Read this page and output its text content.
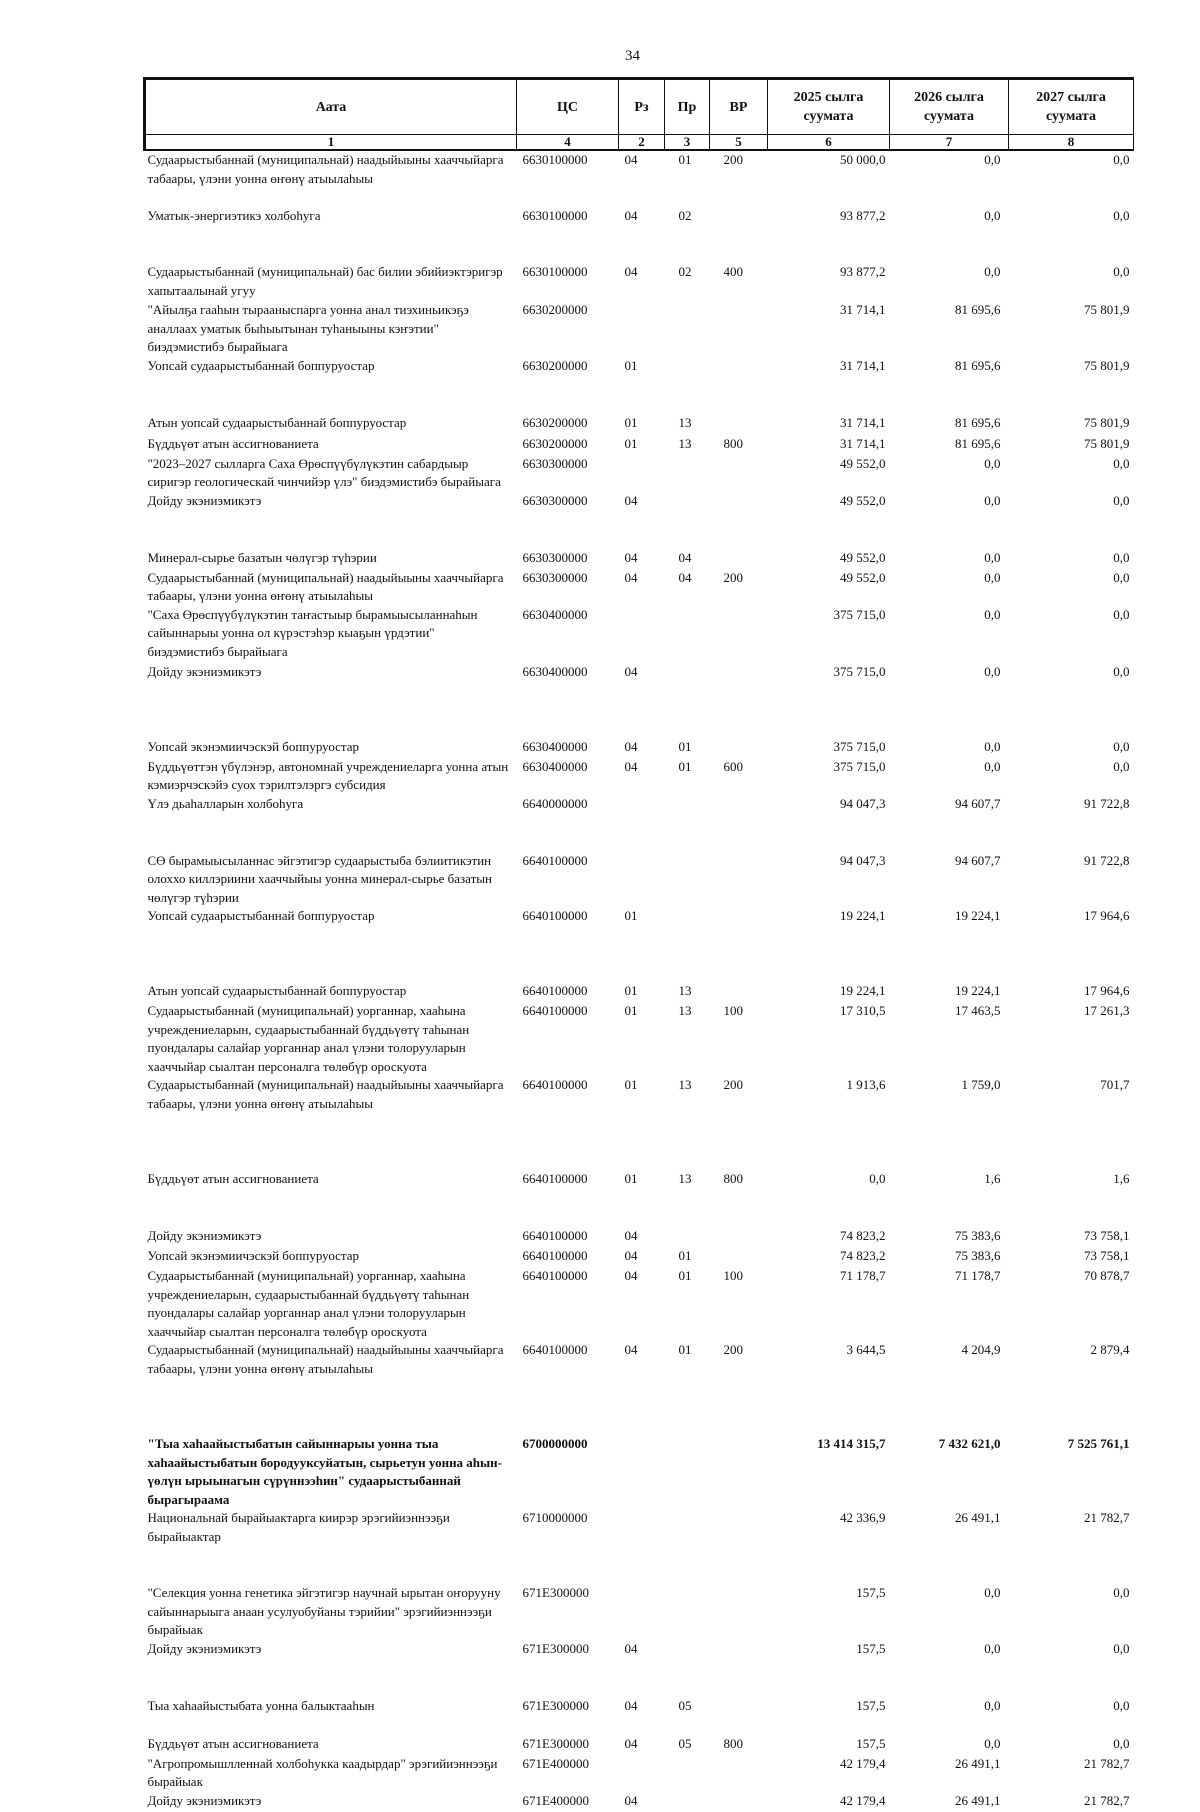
34
Аата	ЦС	Рз	Пр	ВР	2025 сылга суумата	2026 сылга суумата	2027 сылга суумата
1	4	2	3	5	6	7	8
Судаарыстыбаннай (муниципальнай) наадыйыыны хааччыйарга табаары, үлэни уонна өҥөнү атыылаһыы	6630100000	04	01	200	50 000,0	0,0	0,0
Уматык-энергиэтикэ холбоһуга	6630100000	04	02		93 877,2	0,0	0,0
Судаарыстыбаннай (муниципальнай) бас билии эбийиэктэригэр хапытаалынай угуу	6630100000	04	02	400	93 877,2	0,0	0,0
"Айылҕа гааһын тырааныспарга уонна анал тиэхиньикэҕэ аналлаах уматык быһыытынан туһаныыны кэҥэтии" биэдэмистибэ бырайыага	6630200000				31 714,1	81 695,6	75 801,9
Уопсай судаарыстыбаннай боппуруостар	6630200000	01			31 714,1	81 695,6	75 801,9
Атын уопсай судаарыстыбаннай боппуруостар	6630200000	01	13		31 714,1	81 695,6	75 801,9
Бүддьүөт атын ассигнованиета	6630200000	01	13	800	31 714,1	81 695,6	75 801,9
"2023–2027 сылларга Саха Өрөспүүбүлүкэтин сабардыыр сиригэр геологическай чинчийэр үлэ" биэдэмистибэ бырайыага	6630300000				49 552,0	0,0	0,0
Дойду экэниэмикэтэ	6630300000	04			49 552,0	0,0	0,0
Минерал-сырье базатын чөлүгэр түһэрии	6630300000	04	04		49 552,0	0,0	0,0
Судаарыстыбаннай (муниципальнай) наадыйыыны хааччыйарга табаары, үлэни уонна өҥөнү атыылаһыы	6630300000	04	04	200	49 552,0	0,0	0,0
"Саха Өрөспүүбүлүкэтин таҥастыыр бырамыысыланнаһын сайыннарыы уонна ол күрэстэһэр кыаҕын үрдэтии" биэдэмистибэ бырайыага	6630400000				375 715,0	0,0	0,0
Дойду экэниэмикэтэ	6630400000	04			375 715,0	0,0	0,0
Уопсай экэнэмиичэскэй боппуруостар	6630400000	04	01		375 715,0	0,0	0,0
Бүддьүөттэн үбүлэнэр, автономнай учреждениеларга уонна атын кэмиэрчэскэйэ суох тэрилтэлэргэ субсидия	6630400000	04	01	600	375 715,0	0,0	0,0
Үлэ дьаһалларын холбоһуга	6640000000				94 047,3	94 607,7	91 722,8
СӨ бырамыысыланнас эйгэтигэр судаарыстыба бэлиитикэтин олоххо киллэриини хааччыйыы уонна минерал-сырье базатын чөлүгэр түһэрии	6640100000				94 047,3	94 607,7	91 722,8
Уопсай судаарыстыбаннай боппуруостар	6640100000	01			19 224,1	19 224,1	17 964,6
Атын уопсай судаарыстыбаннай боппуруостар	6640100000	01	13		19 224,1	19 224,1	17 964,6
Судаарыстыбаннай (муниципальнай) уорганнар, хааһына учреждениеларын, судаарыстыбаннай бүддьүөтү таһынан пуондалары салайар уорганнар анал үлэни толорууларын хааччыйар сыалтан персоналга төлөбүр ороскуота	6640100000	01	13	100	17 310,5	17 463,5	17 261,3
Судаарыстыбаннай (муниципальнай) наадыйыыны хааччыйарга табаары, үлэни уонна өҥөнү атыылаһыы	6640100000	01	13	200	1 913,6	1 759,0	701,7
Бүддьүөт атын ассигнованиета	6640100000	01	13	800	0,0	1,6	1,6
Дойду экэниэмикэтэ	6640100000	04			74 823,2	75 383,6	73 758,1
Уопсай экэнэмиичэскэй боппуруостар	6640100000	04	01		74 823,2	75 383,6	73 758,1
Судаарыстыбаннай (муниципальнай) уорганнар, хааһына учреждениеларын, судаарыстыбаннай бүддьүөтү таһынан пуондалары салайар уорганнар анал үлэни толорууларын хааччыйар сыалтан персоналга төлөбүр ороскуота	6640100000	04	01	100	71 178,7	71 178,7	70 878,7
Судаарыстыбаннай (муниципальнай) наадыйыыны хааччыйарга табаары, үлэни уонна өҥөнү атыылаһыы	6640100000	04	01	200	3 644,5	4 204,9	2 879,4
"Тыа хаһаайыстыбатын сайыннарыы уонна тыа хаһаайыстыбатын бородууксуйатын, сырьетун уонна аһын-үөлүн ырыынагын сүрүннээһин" судаарыстыбаннай бырагыраама	6700000000				13 414 315,7	7 432 621,0	7 525 761,1
Национальнай бырайыактарга киирэр эрэгийиэннээҕи бырайыактар	6710000000				42 336,9	26 491,1	21 782,7
"Селекция уонна генетика эйгэтигэр научнай ырытан оҥорууну сайыннарыыга анаан усулуобуйаны тэрийии" эрэгийиэннээҕи бырайыак	671Е300000				157,5	0,0	0,0
Дойду экэниэмикэтэ	671Е300000	04			157,5	0,0	0,0
Тыа хаһаайыстыбата уонна балыктааһын	671Е300000	04	05		157,5	0,0	0,0
Бүддьүөт атын ассигнованиета	671Е300000	04	05	800	157,5	0,0	0,0
"Агропромышлленнай холбоһукка каадырдар" эрэгийиэннээҕи бырайыак	671Е400000				42 179,4	26 491,1	21 782,7
Дойду экэниэмикэтэ	671Е400000	04			42 179,4	26 491,1	21 782,7
